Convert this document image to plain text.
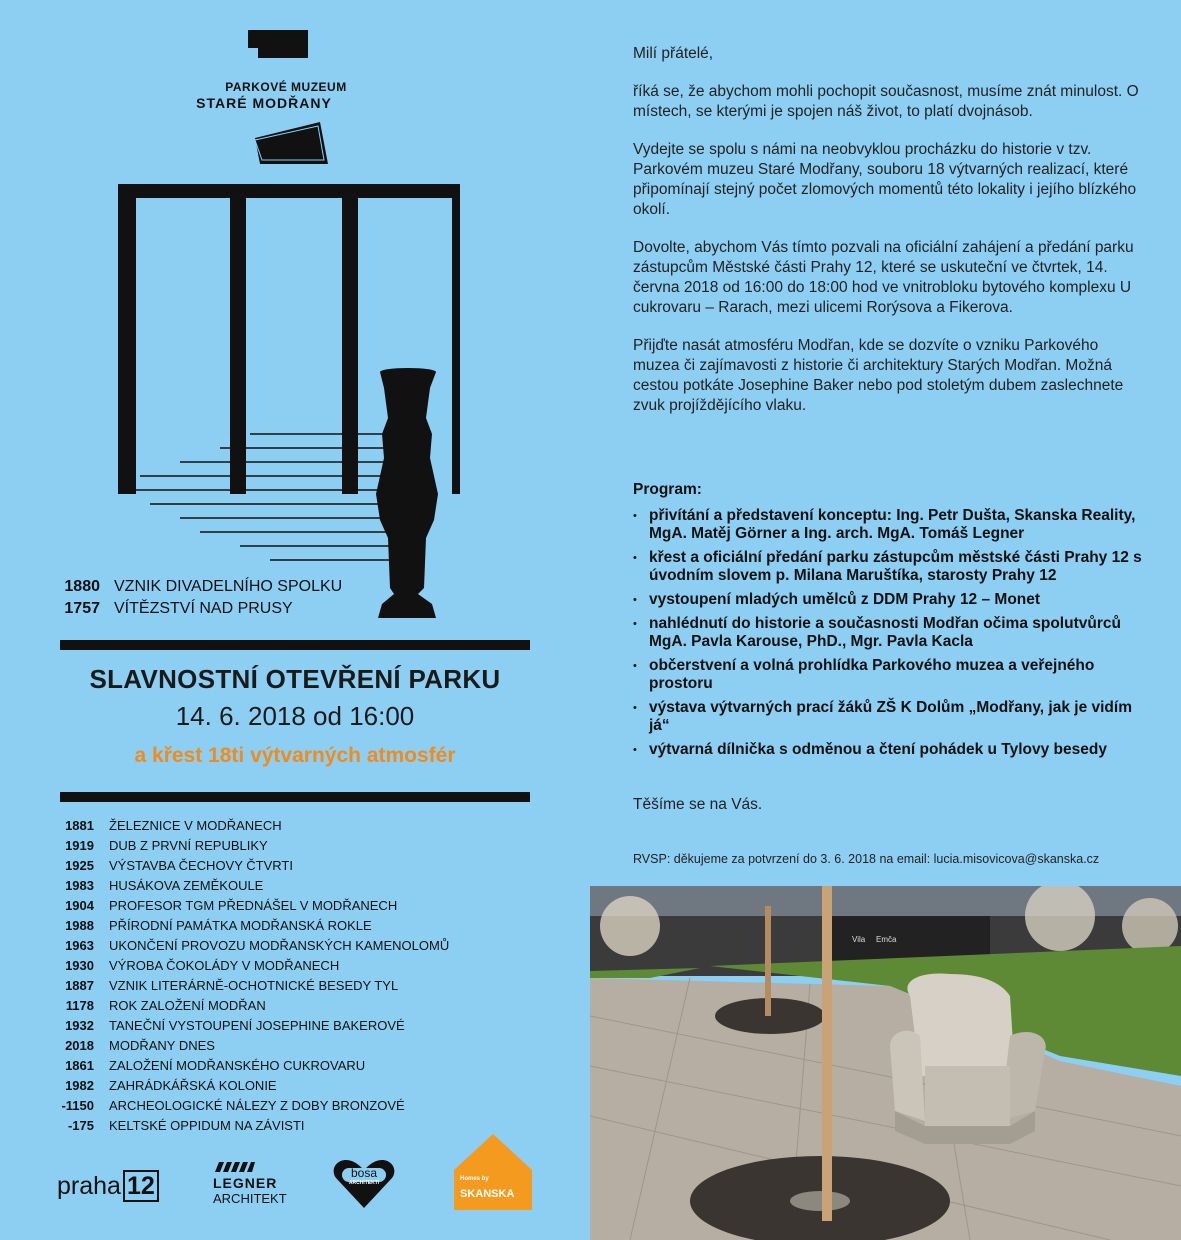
PARKOVÉ MUZEUM
STARÉ MODŘANY
1880 VZNIK DIVADELNÍHO SPOLKU
1757 VÍTĚZSTVÍ NAD PRUSY
SLAVNOSTNÍ OTEVŘENÍ PARKU
14. 6. 2018 od 16:00
a křest 18ti výtvarných atmosfér
1881 ŽELEZNICE V MODŘANECH
1919 DUB Z PRVNÍ REPUBLIKY
1925 VÝSTAVBA ČECHOVY ČTVRTI
1983 HUSÁKOVA ZEMĚKOULE
1904 PROFESOR TGM PŘEDNÁŠEL V MODŘANECH
1988 PŘÍRODNÍ PAMÁTKA MODŘANSKÁ ROKLE
1963 UKONČENÍ PROVOZU MODŘANSKÝCH KAMENOLOMŮ
1930 VÝROBA ČOKOLÁDY V MODŘANECH
1887 VZNIK LITERÁRNĚ-OCHOTNICKÉ BESEDY TYL
1178 ROK ZALOŽENÍ MODŘAN
1932 TANEČNÍ VYSTOUPENÍ JOSEPHINE BAKEROVÉ
2018 MODŘANY DNES
1861 ZALOŽENÍ MODŘANSKÉHO CUKROVARU
1982 ZAHRÁDKÁŘSKÁ KOLONIE
-1150 ARCHEOLOGICKÉ NÁLEZY Z DOBY BRONZOVÉ
-175 KELTSKÉ OPPIDUM NA ZÁVISTI
praha 12	LEGNER
ARCHITEKT
bosa
ARCHITEKTI
Homes by
SKANSKA

Milí přátelé,

říká se, že abychom mohli pochopit současnost, musíme znát minulost. O místech, se kterými je spojen náš život, to platí dvojnásob.

Vydejte se spolu s námi na neobvyklou procházku do historie v tzv. Parkovém muzeu Staré Modřany, souboru 18 výtvarných realizací, které připomínají stejný počet zlomových momentů této lokality i jejího blízkého okolí.

Dovolte, abychom Vás tímto pozvali na oficiální zahájení a předání parku zástupcům Městské části Prahy 12, které se uskuteční ve čtvrtek, 14. června 2018 od 16:00 do 18:00 hod ve vnitrobloku bytového komplexu U cukrovaru – Rarach, mezi ulicemi Rorýsova a Fikerova.

Přijďte nasát atmosféru Modřan, kde se dozvíte o vzniku Parkového muzea či zajímavosti z historie či architektury Starých Modřan. Možná cestou potkáte Josephine Baker nebo pod stoletým dubem zaslechnete zvuk projíždějícího vlaku.

Program:
• přivítání a představení konceptu: Ing. Petr Dušta, Skanska Reality, MgA. Matěj Görner a Ing. arch. MgA. Tomáš Legner
• křest a oficiální předání parku zástupcům městské části Prahy 12 s úvodním slovem p. Milana Maruštíka, starosty Prahy 12
• vystoupení mladých umělců z DDM Prahy 12 – Monet
• nahlédnutí do historie a současnosti Modřan očima spolutvůrců MgA. Pavla Karouse, PhD., Mgr. Pavla Kacla
• občerstvení a volná prohlídka Parkového muzea a veřejného prostoru
• výstava výtvarných prací žáků ZŠ K Dolům „Modřany, jak je vidím já“
• výtvarná dílnička s odměnou a čtení pohádek u Tylovy besedy
Těšíme se na Vás.
RVSP: děkujeme za potvrzení do 3. 6. 2018 na email: lucia.misovicova@skanska.cz
Vila Emča
